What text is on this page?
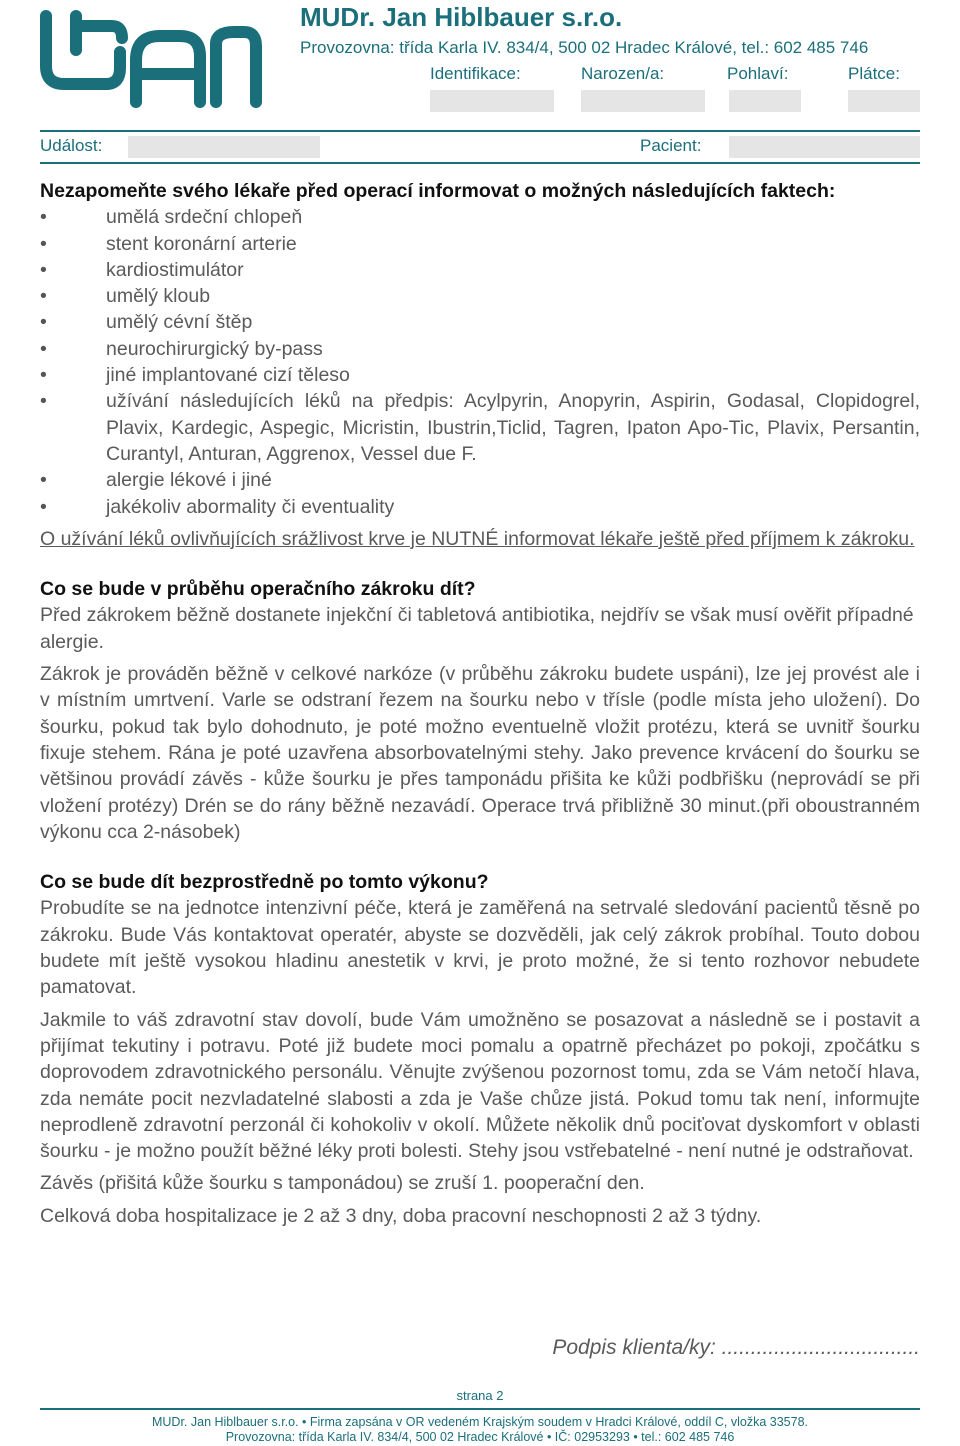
MUDr. Jan Hiblbauer s.r.o.
Provozovna: třída Karla IV. 834/4, 500 02 Hradec Králové, tel.: 602 485 746
Identifikace:	Narozen/a:	Pohlaví:	Plátce:
Událost:	Pacient:

Nezapomeňte svého lékaře před operací informovat o možných následujících faktech:

• umělá srdeční chlopeň
• stent koronární arterie
• kardiostimulátor
• umělý kloub
• umělý cévní štěp
• neurochirurgický by-pass
• jiné implantované cizí těleso
• užívání následujících léků na předpis: Acylpyrin, Anopyrin, Aspirin, Godasal, Clopidogrel, Plavix, Kardegic, Aspegic, Micristin, Ibustrin,Ticlid, Tagren, Ipaton Apo-Tic, Plavix, Persantin, Curantyl, Anturan, Aggrenox, Vessel due F.
• alergie lékové i jiné
• jakékoliv abormality či eventuality

O užívání léků ovlivňujících srážlivost krve je NUTNÉ informovat lékaře ještě před příjmem k zákroku.

Co se bude v průběhu operačního zákroku dít?

Před zákrokem běžně dostanete injekční či tabletová antibiotika, nejdřív se však musí ověřit případné alergie.

Zákrok je prováděn běžně v celkové narkóze (v průběhu zákroku budete uspáni), lze jej provést ale i v místním umrtvení. Varle se odstraní řezem na šourku nebo v třísle (podle místa jeho uložení). Do šourku, pokud tak bylo dohodnuto, je poté možno eventuelně vložit protézu, která se uvnitř šourku fixuje stehem. Rána je poté uzavřena absorbovatelnými stehy. Jako prevence krvácení do šourku se většinou provádí závěs - kůže šourku je přes tamponádu přišita ke kůži podbřišku (neprovádí se při vložení protézy) Drén se do rány běžně nezavádí. Operace trvá přibližně 30 minut.(při oboustranném výkonu cca 2-násobek)

Co se bude dít bezprostředně po tomto výkonu?

Probudíte se na jednotce intenzivní péče, která je zaměřená na setrvalé sledování pacientů těsně po zákroku. Bude Vás kontaktovat operatér, abyste se dozvěděli, jak celý zákrok probíhal. Touto dobou budete mít ještě vysokou hladinu anestetik v krvi, je proto možné, že si tento rozhovor nebudete pamatovat.

Jakmile to váš zdravotní stav dovolí, bude Vám umožněno se posazovat a následně se i postavit a přijímat tekutiny i potravu. Poté již budete moci pomalu a opatrně přecházet po pokoji, zpočátku s doprovodem zdravotnického personálu. Věnujte zvýšenou pozornost tomu, zda se Vám netočí hlava, zda nemáte pocit nezvladatelné slabosti a zda je Vaše chůze jistá. Pokud tomu tak není, informujte neprodleně zdravotní perzonál či kohokoliv v okolí. Můžete několik dnů pociťovat dyskomfort v oblasti šourku - je možno použít běžné léky proti bolesti. Stehy jsou vstřebatelné - není nutné je odstraňovat.

Závěs (přišitá kůže šourku s tamponádou) se zruší 1. pooperační den.

Celková doba hospitalizace je 2 až 3 dny, doba pracovní neschopnosti 2 až 3 týdny.

Podpis klienta/ky: ..................................
strana 2
MUDr. Jan Hiblbauer s.r.o. • Firma zapsána v OR vedeném Krajským soudem v Hradci Králové, oddíl C, vložka 33578.
Provozovna: třída Karla IV. 834/4, 500 02 Hradec Králové • IČ: 02953293 • tel.: 602 485 746
